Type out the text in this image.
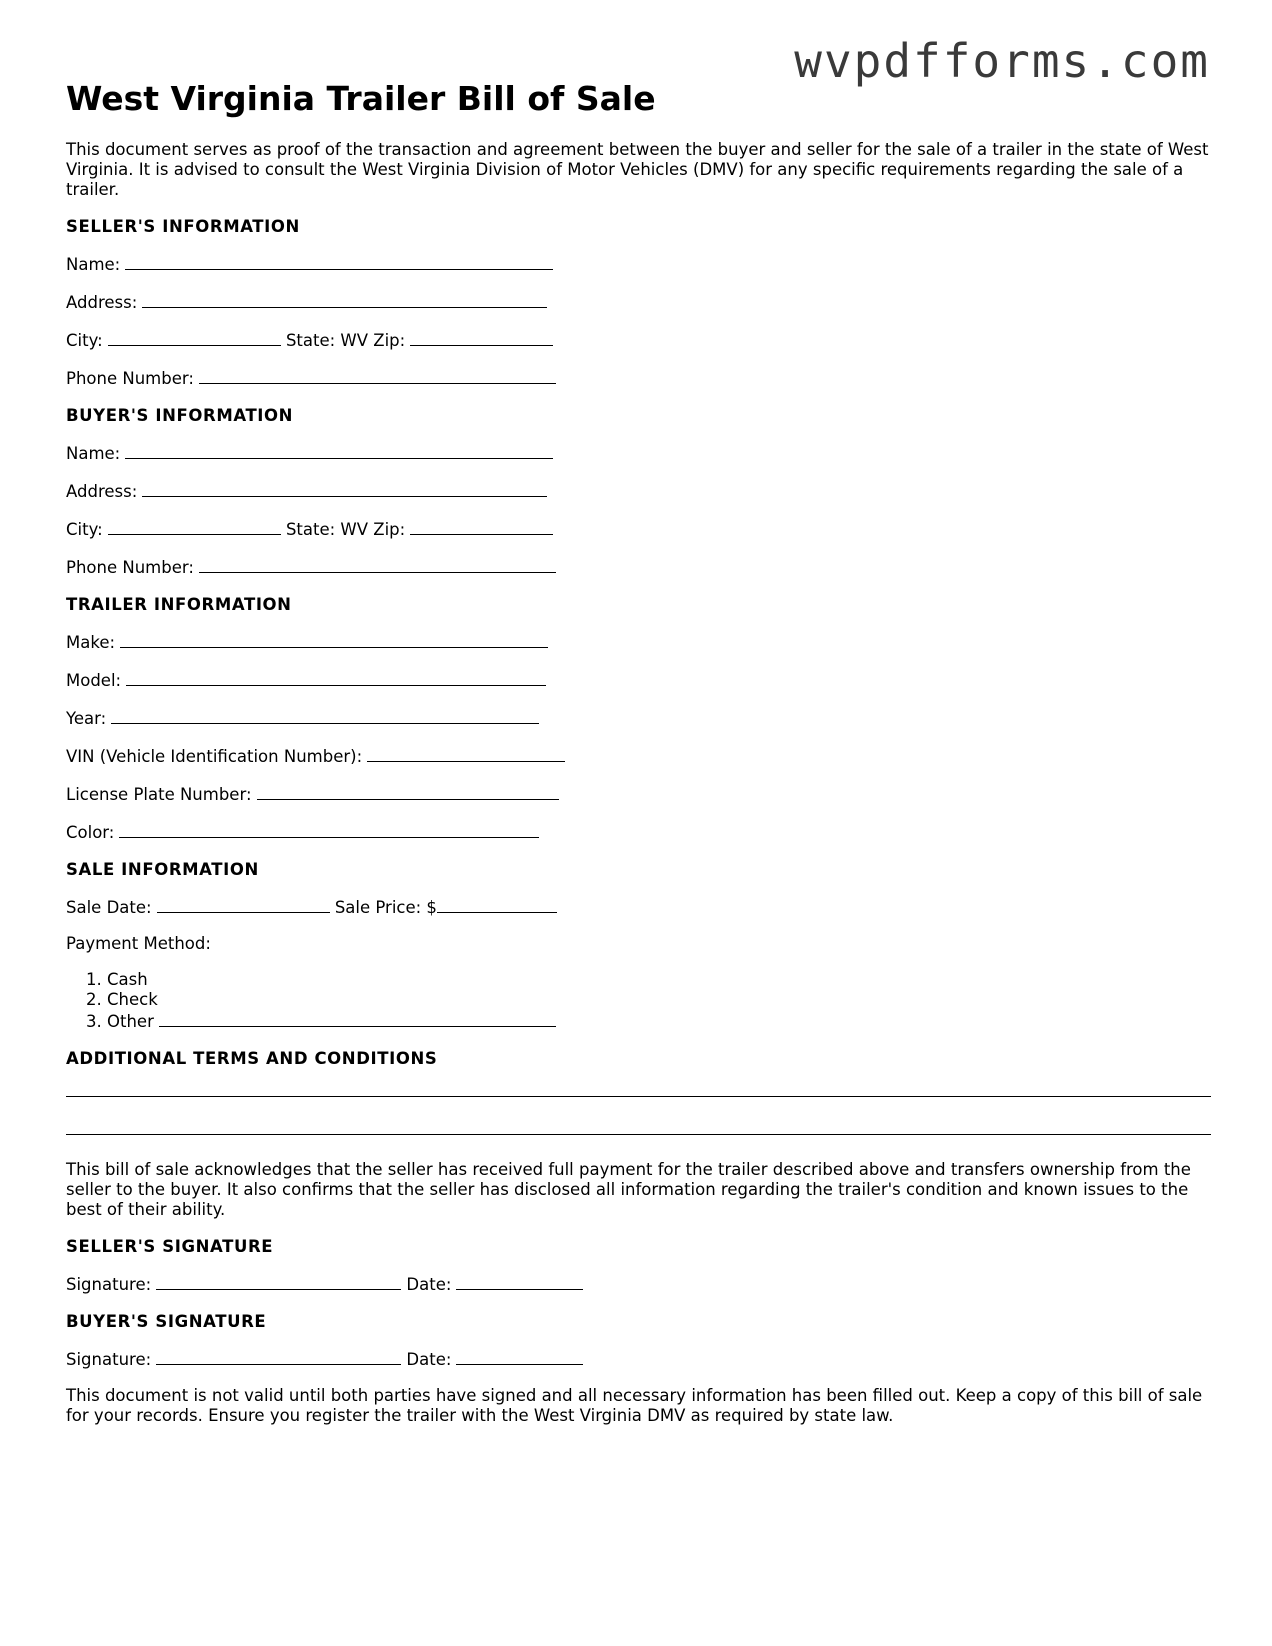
wvpdfforms.com
West Virginia Trailer Bill of Sale

This document serves as proof of the transaction and agreement between the buyer and seller for the sale of a trailer in the state of West Virginia. It is advised to consult the West Virginia Division of Motor Vehicles (DMV) for any specific requirements regarding the sale of a trailer.

SELLER'S INFORMATION
Name:
Address:
City:	State: WV Zip:
Phone Number:
BUYER'S INFORMATION
Name:
Address:
City:	State: WV Zip:
Phone Number:
TRAILER INFORMATION
Make:
Model:
Year:
VIN (Vehicle Identification Number):
License Plate Number:
Color:
SALE INFORMATION
Sale Date:	Sale Price: $
Payment Method:
1. Cash
2. Check
3. Other
ADDITIONAL TERMS AND CONDITIONS

This bill of sale acknowledges that the seller has received full payment for the trailer described above and transfers ownership from the seller to the buyer. It also confirms that the seller has disclosed all information regarding the trailer's condition and known issues to the best of their ability.

SELLER'S SIGNATURE
Signature:	Date:
BUYER'S SIGNATURE
Signature:	Date:

This document is not valid until both parties have signed and all necessary information has been filled out. Keep a copy of this bill of sale for your records. Ensure you register the trailer with the West Virginia DMV as required by state law.
